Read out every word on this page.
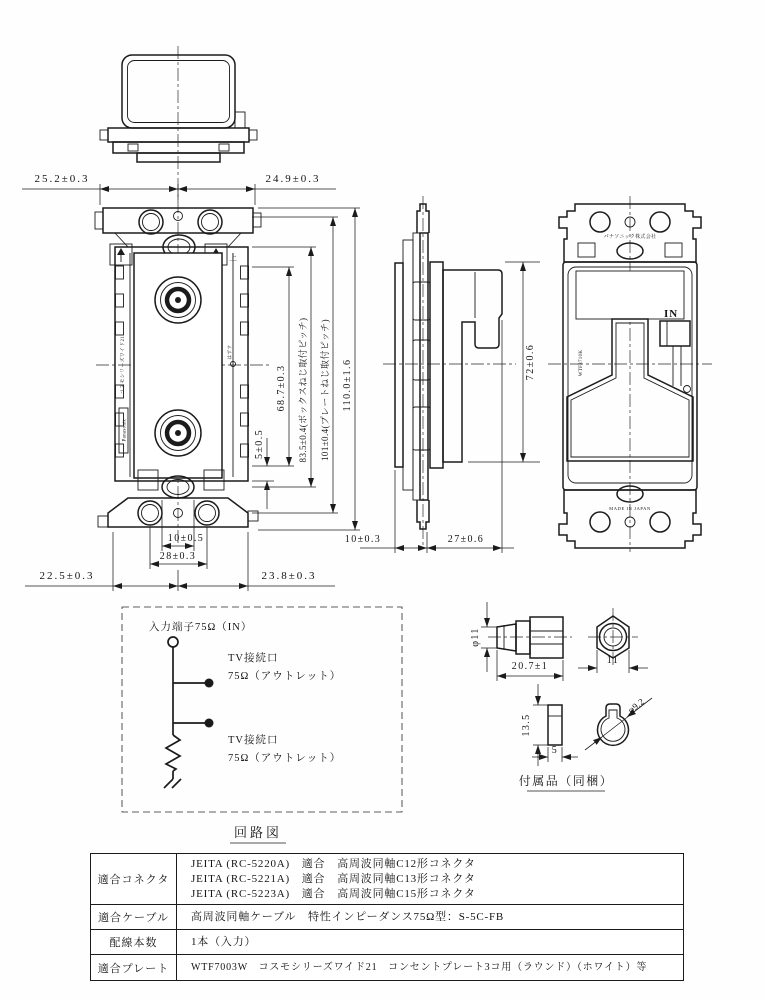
上
はずす
コスモシリーズワイド21
Panasonic
25.2±0.3	24.9±0.3
5±0.5
68.7±0.3 83.5±0.4(ボックスねじ取付ピッチ) 101±0.4(プレートねじ取付ピッチ) 110.0±1.6
10±0.5
28±0.3
22.5±0.3	23.8±0.3
72±0.6
10±0.3	27±0.6
パナソニック株式会社
IN
WTF3710K
MADE IN JAPAN
入力端子75Ω（IN）
TV接続口
75Ω（アウトレット）
TV接続口
75Ω（アウトレット）
回路図
φ11
20.7±1
11
13.5
5
φ9.2
付属品（同梱）
適合コネクタ
JEITA (RC-5220A)　適合　高周波同軸C12形コネクタ
JEITA (RC-5221A)　適合　高周波同軸C13形コネクタ
JEITA (RC-5223A)　適合　高周波同軸C15形コネクタ
適合ケーブル	高周波同軸ケーブル　特性インピーダンス75Ω型：S-5C-FB
配線本数	1本（入力）
適合プレート	WTF7003W　コスモシリーズワイド21　コンセントプレート3コ用（ラウンド）（ホワイト）等
